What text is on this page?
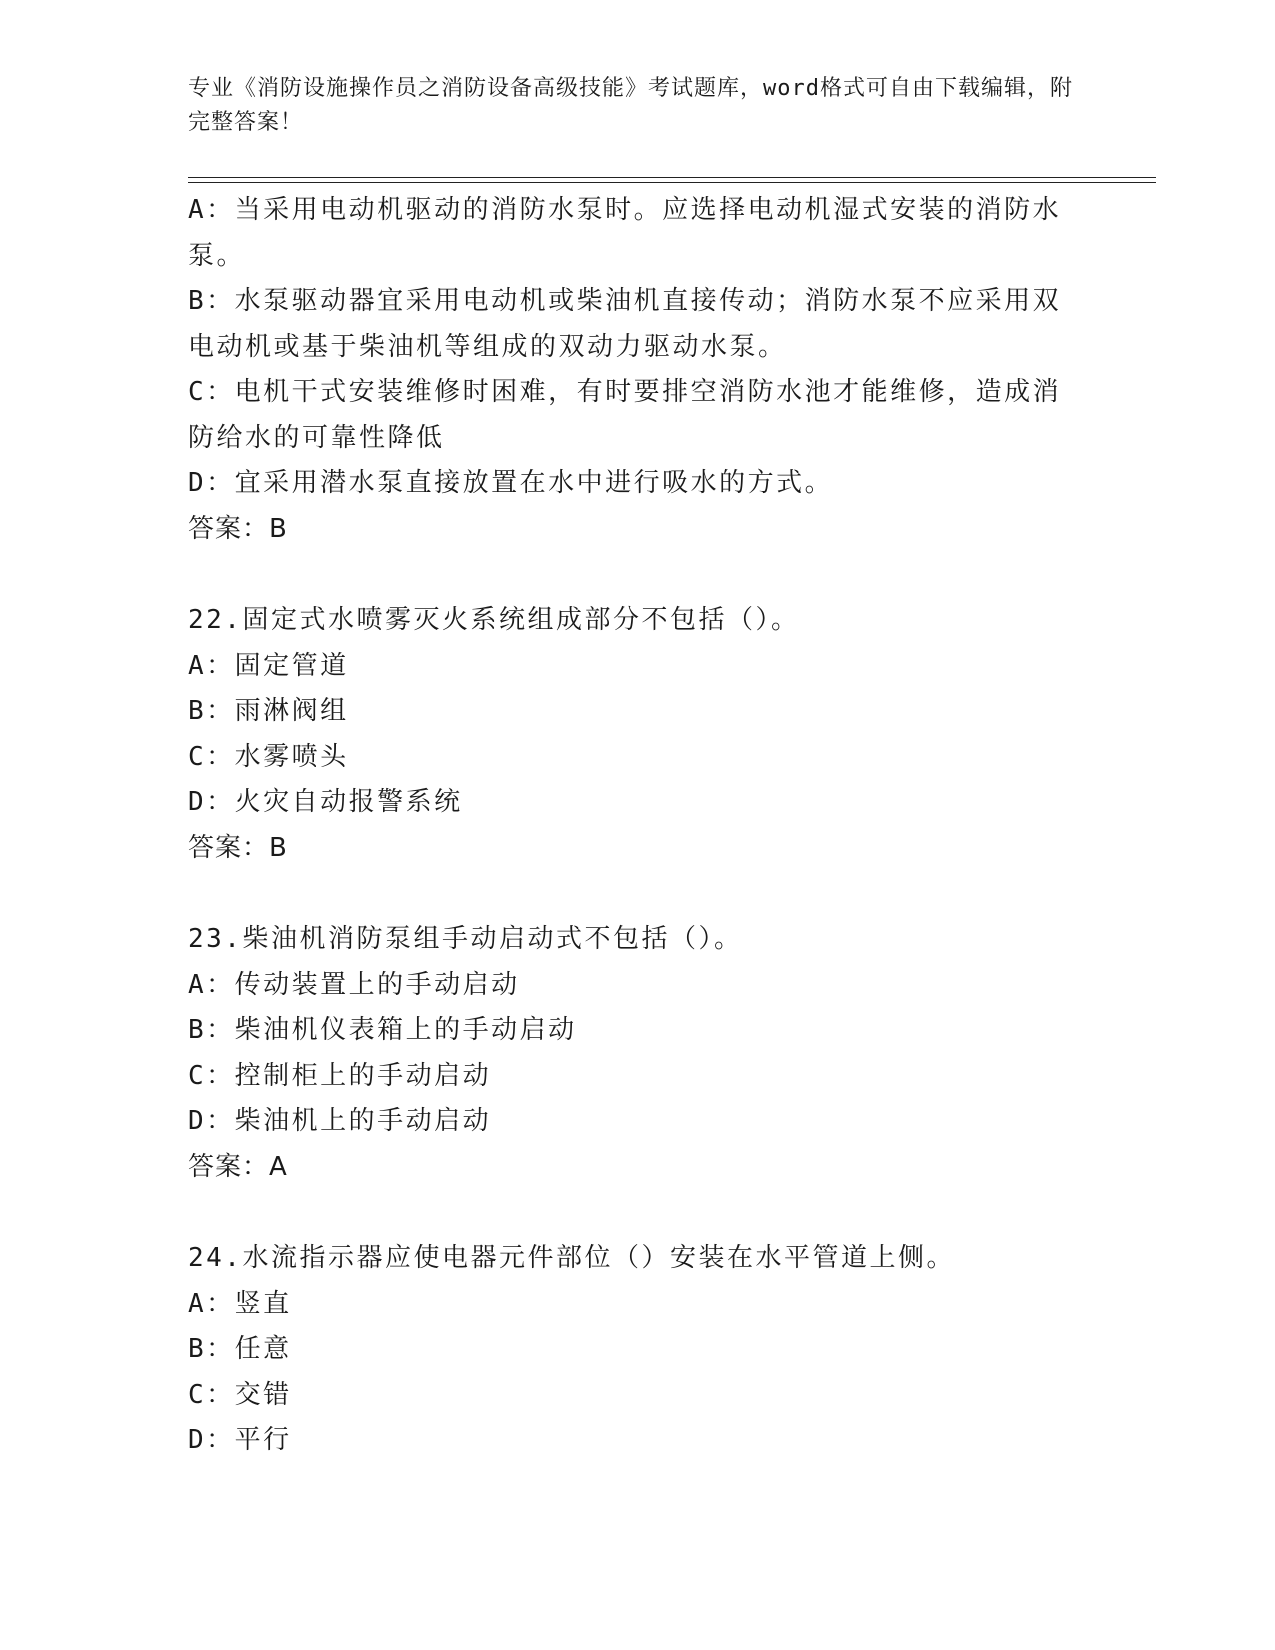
专业《消防设施操作员之消防设备高级技能》考试题库，word格式可自由下载编辑，附完整答案！

A：当采用电动机驱动的消防水泵时。应选择电动机湿式安装的消防水泵。

B：水泵驱动器宜采用电动机或柴油机直接传动；消防水泵不应采用双电动机或基于柴油机等组成的双动力驱动水泵。

C：电机干式安装维修时困难，有时要排空消防水池才能维修，造成消防给水的可靠性降低

D：宜采用潜水泵直接放置在水中进行吸水的方式。

答案：B

22.固定式水喷雾灭火系统组成部分不包括（）。

A：固定管道

B：雨淋阀组

C：水雾喷头

D：火灾自动报警系统

答案：B

23.柴油机消防泵组手动启动式不包括（）。

A：传动装置上的手动启动

B：柴油机仪表箱上的手动启动

C：控制柜上的手动启动

D：柴油机上的手动启动

答案：A

24.水流指示器应使电器元件部位（）安装在水平管道上侧。

A：竖直

B：任意

C：交错

D：平行
